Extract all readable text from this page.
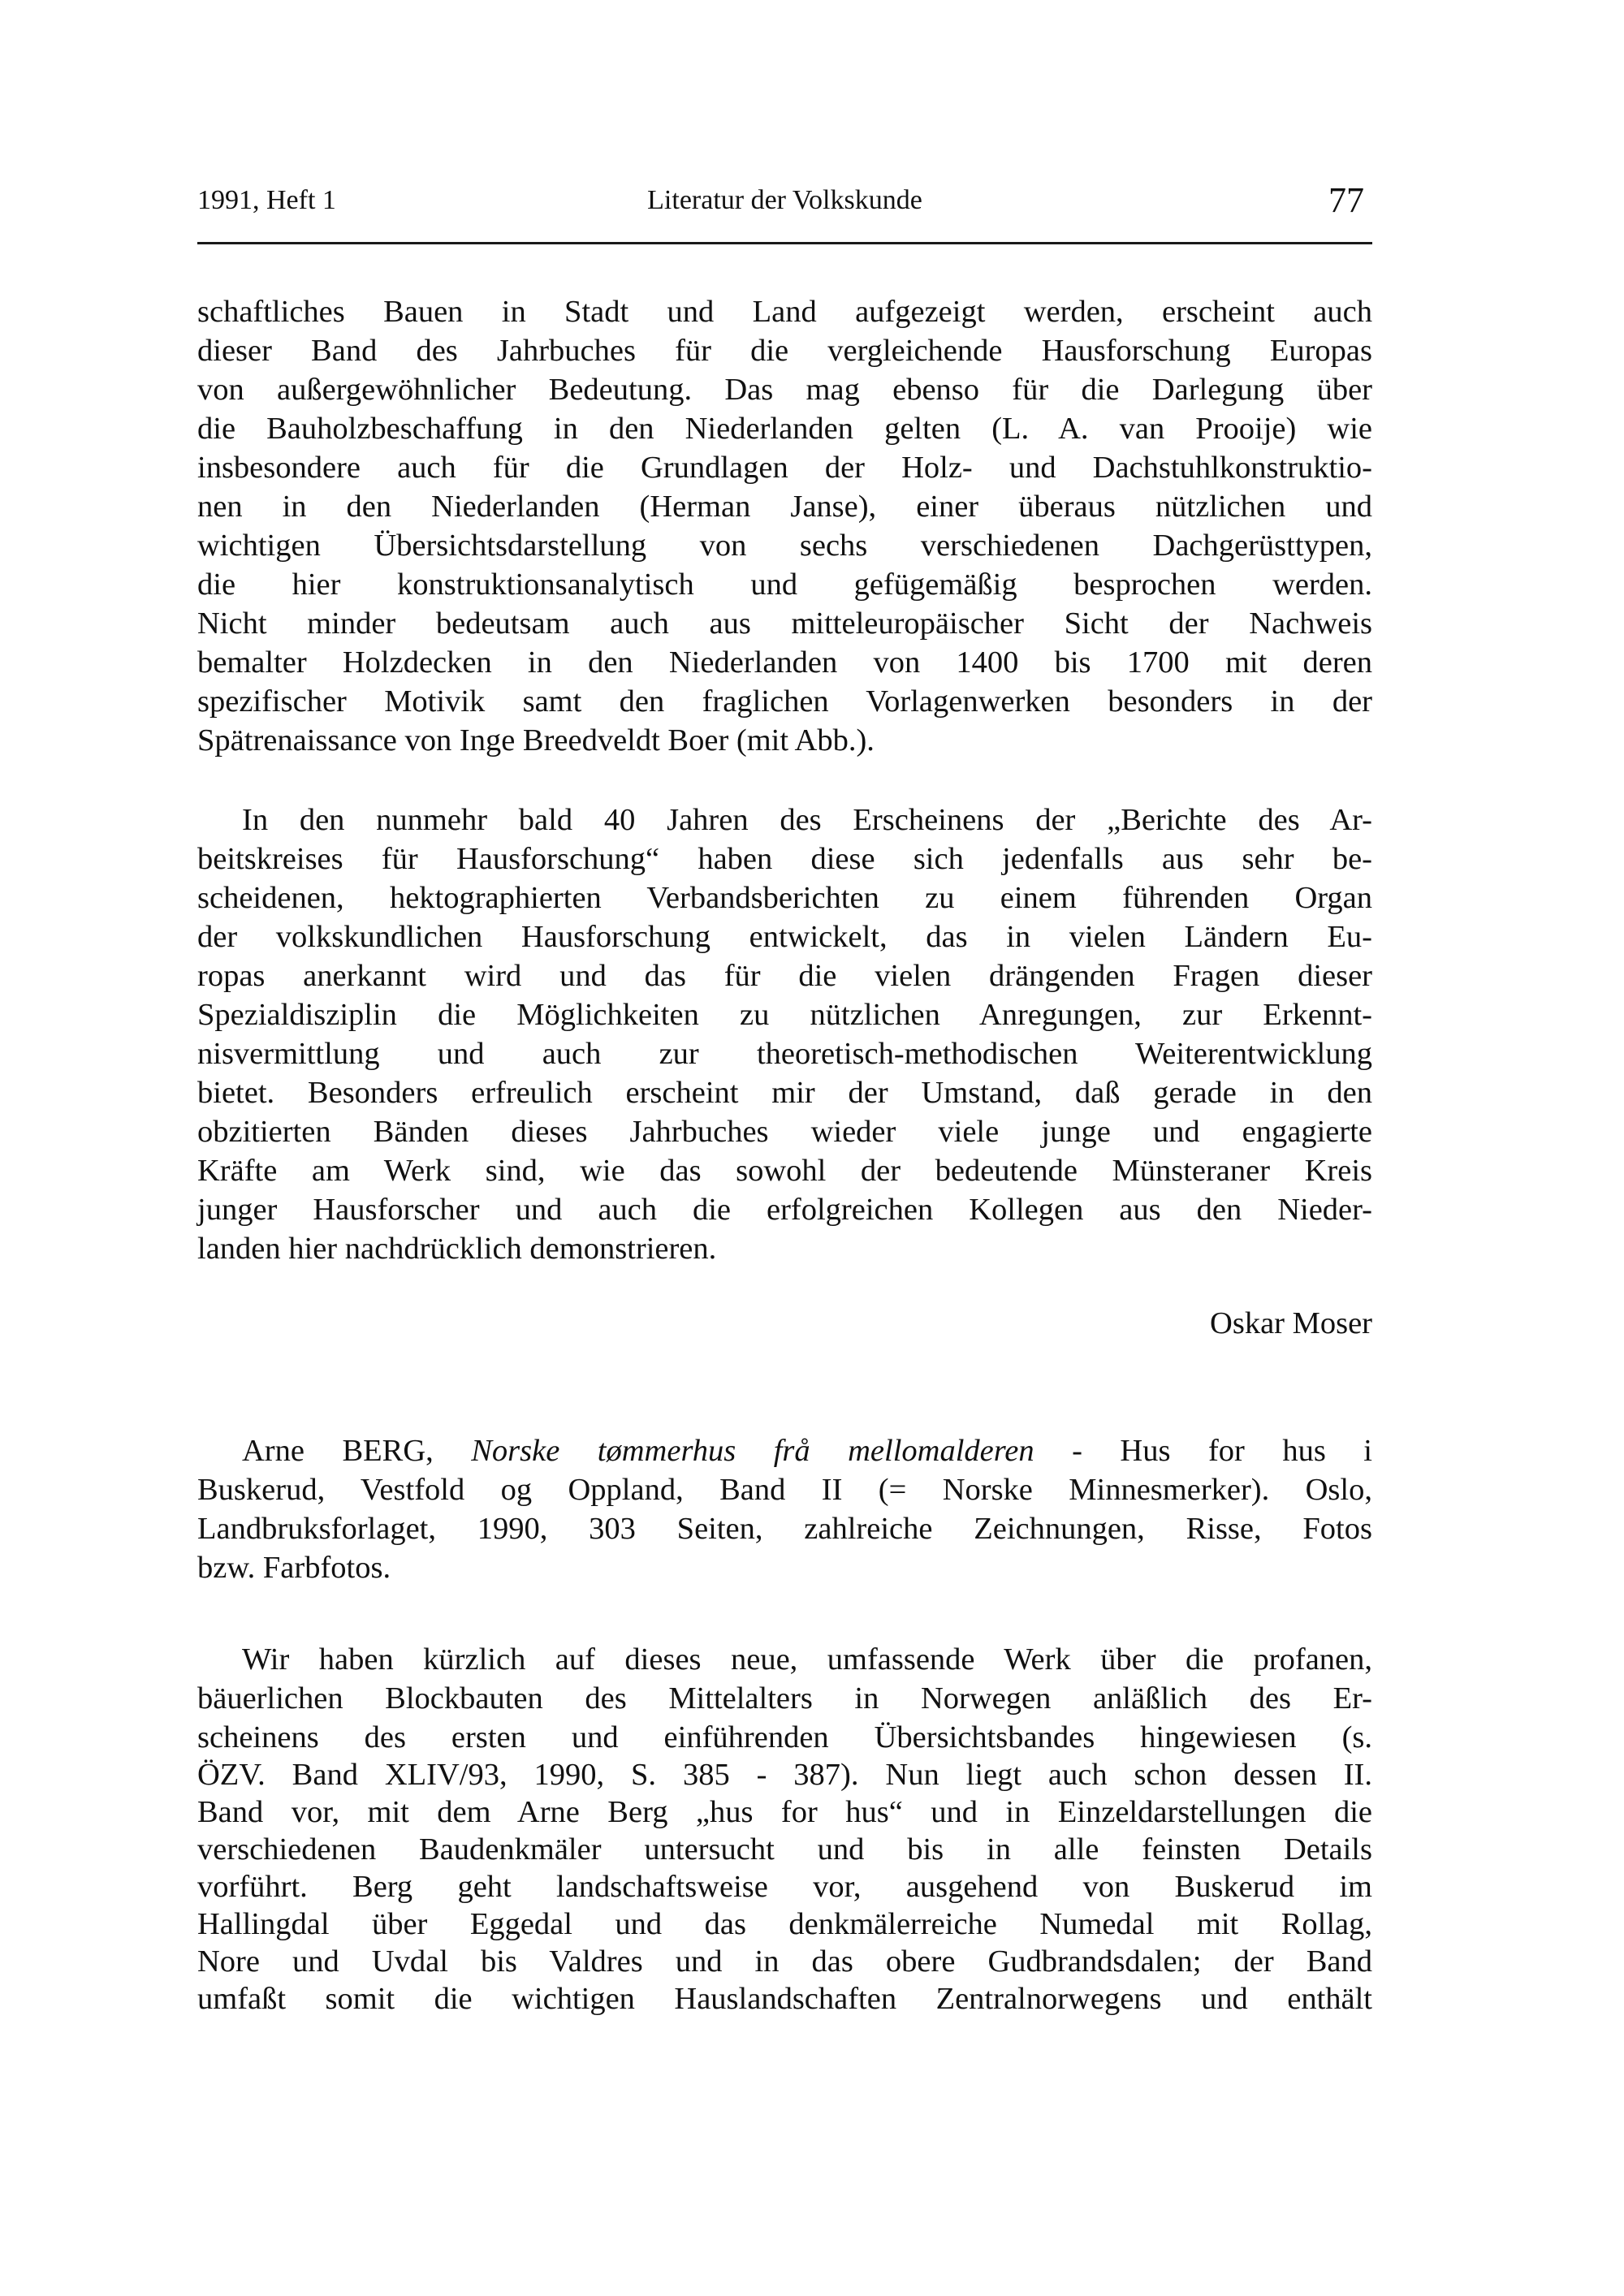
1991, Heft 1	Literatur der Volkskunde	77
schaftliches Bauen in Stadt und Land aufgezeigt werden, erscheint auch
dieser Band des Jahrbuches für die vergleichende Hausforschung Europas
von außergewöhnlicher Bedeutung. Das mag ebenso für die Darlegung über
die Bauholzbeschaffung in den Niederlanden gelten (L. A. van Prooije) wie
insbesondere auch für die Grundlagen der Holz- und Dachstuhlkonstruktio-
nen in den Niederlanden (Herman Janse), einer überaus nützlichen und
wichtigen Übersichtsdarstellung von sechs verschiedenen Dachgerüsttypen,
die hier konstruktionsanalytisch und gefügemäßig besprochen werden.
Nicht minder bedeutsam auch aus mitteleuropäischer Sicht der Nachweis
bemalter Holzdecken in den Niederlanden von 1400 bis 1700 mit deren
spezifischer Motivik samt den fraglichen Vorlagenwerken besonders in der
Spätrenaissance von Inge Breedveldt Boer (mit Abb.).
In den nunmehr bald 40 Jahren des Erscheinens der „Berichte des Ar-
beitskreises für Hausforschung“ haben diese sich jedenfalls aus sehr be-
scheidenen, hektographierten Verbandsberichten zu einem führenden Organ
der volkskundlichen Hausforschung entwickelt, das in vielen Ländern Eu-
ropas anerkannt wird und das für die vielen drängenden Fragen dieser
Spezialdisziplin die Möglichkeiten zu nützlichen Anregungen, zur Erkennt-
nisvermittlung und auch zur theoretisch-methodischen Weiterentwicklung
bietet. Besonders erfreulich erscheint mir der Umstand, daß gerade in den
obzitierten Bänden dieses Jahrbuches wieder viele junge und engagierte
Kräfte am Werk sind, wie das sowohl der bedeutende Münsteraner Kreis
junger Hausforscher und auch die erfolgreichen Kollegen aus den Nieder-
landen hier nachdrücklich demonstrieren.
Oskar Moser
Arne BERG, Norske tømmerhus frå mellomalderen - Hus for hus i
Buskerud, Vestfold og Oppland, Band II (= Norske Minnesmerker). Oslo,
Landbruksforlaget, 1990, 303 Seiten, zahlreiche Zeichnungen, Risse, Fotos
bzw. Farbfotos.
Wir haben kürzlich auf dieses neue, umfassende Werk über die profanen,
bäuerlichen Blockbauten des Mittelalters in Norwegen anläßlich des Er-
scheinens des ersten und einführenden Übersichtsbandes hingewiesen (s.
ÖZV. Band XLIV/93, 1990, S. 385 - 387). Nun liegt auch schon dessen II.
Band vor, mit dem Arne Berg „hus for hus“ und in Einzeldarstellungen die
verschiedenen Baudenkmäler untersucht und bis in alle feinsten Details
vorführt. Berg geht landschaftsweise vor, ausgehend von Buskerud im
Hallingdal über Eggedal und das denkmälerreiche Numedal mit Rollag,
Nore und Uvdal bis Valdres und in das obere Gudbrandsdalen; der Band
umfaßt somit die wichtigen Hauslandschaften Zentralnorwegens und enthält
